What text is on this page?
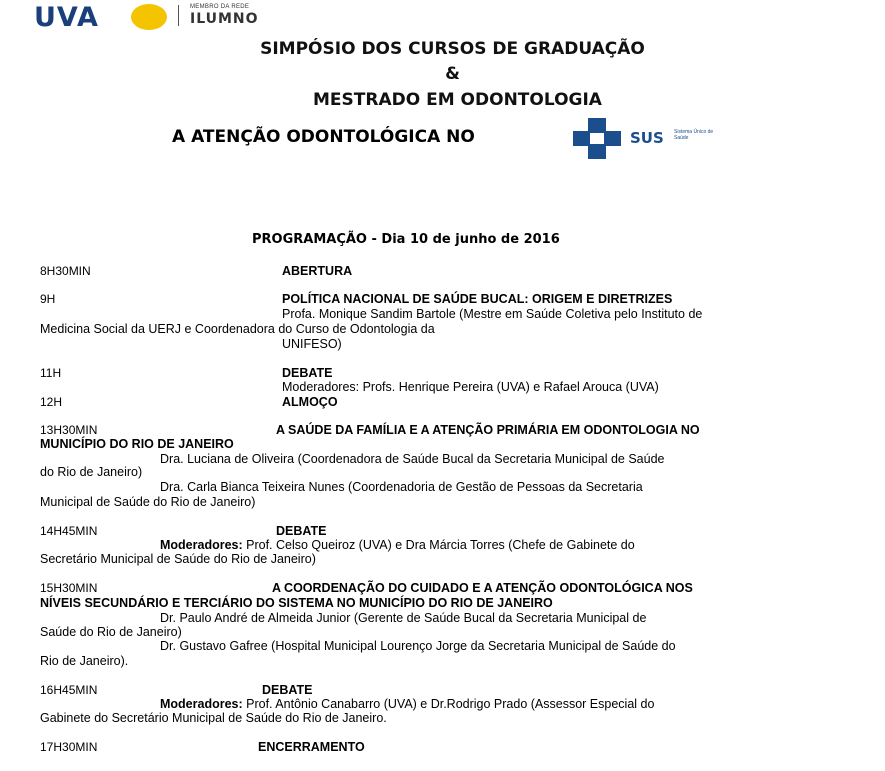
UVA	MEMBRO DA REDE
ILUMNO
SIMPÓSIO DOS CURSOS DE GRADUAÇÃO
&
MESTRADO EM ODONTOLOGIA
A ATENÇÃO ODONTOLÓGICA NO	SUS Sistema Único de Saúde
PROGRAMAÇÃO - Dia 10 de junho de 2016
8H30MIN	ABERTURA
9H	POLÍTICA NACIONAL DE SAÚDE BUCAL: ORIGEM E DIRETRIZES
Profa. Monique Sandim Bartole (Mestre em Saúde Coletiva pelo Instituto de
Medicina Social da UERJ e Coordenadora do Curso de Odontologia da
UNIFESO)
11H	DEBATE
Moderadores: Profs. Henrique Pereira (UVA) e Rafael Arouca (UVA)
12H	ALMOÇO
13H30MIN	A SAÚDE DA FAMÍLIA E A ATENÇÃO PRIMÁRIA EM ODONTOLOGIA NO
MUNICÍPIO DO RIO DE JANEIRO
Dra. Luciana de Oliveira (Coordenadora de Saúde Bucal da Secretaria Municipal de Saúde
do Rio de Janeiro)
Dra. Carla Bianca Teixeira Nunes (Coordenadoria de Gestão de Pessoas da Secretaria
Municipal de Saúde do Rio de Janeiro)
14H45MIN	DEBATE
Moderadores: Prof. Celso Queiroz (UVA) e Dra Márcia Torres (Chefe de Gabinete do
Secretário Municipal de Saúde do Rio de Janeiro)
15H30MIN	A COORDENAÇÃO DO CUIDADO E A ATENÇÃO ODONTOLÓGICA NOS
NÍVEIS SECUNDÁRIO E TERCIÁRIO DO SISTEMA NO MUNICÍPIO DO RIO DE JANEIRO
Dr. Paulo André de Almeida Junior (Gerente de Saúde Bucal da Secretaria Municipal de
Saúde do Rio de Janeiro)
Dr. Gustavo Gafree (Hospital Municipal Lourenço Jorge da Secretaria Municipal de Saúde do
Rio de Janeiro).
16H45MIN	DEBATE
Moderadores: Prof. Antônio Canabarro (UVA) e Dr.Rodrigo Prado (Assessor Especial do
Gabinete do Secretário Municipal de Saúde do Rio de Janeiro.
17H30MIN	ENCERRAMENTO
